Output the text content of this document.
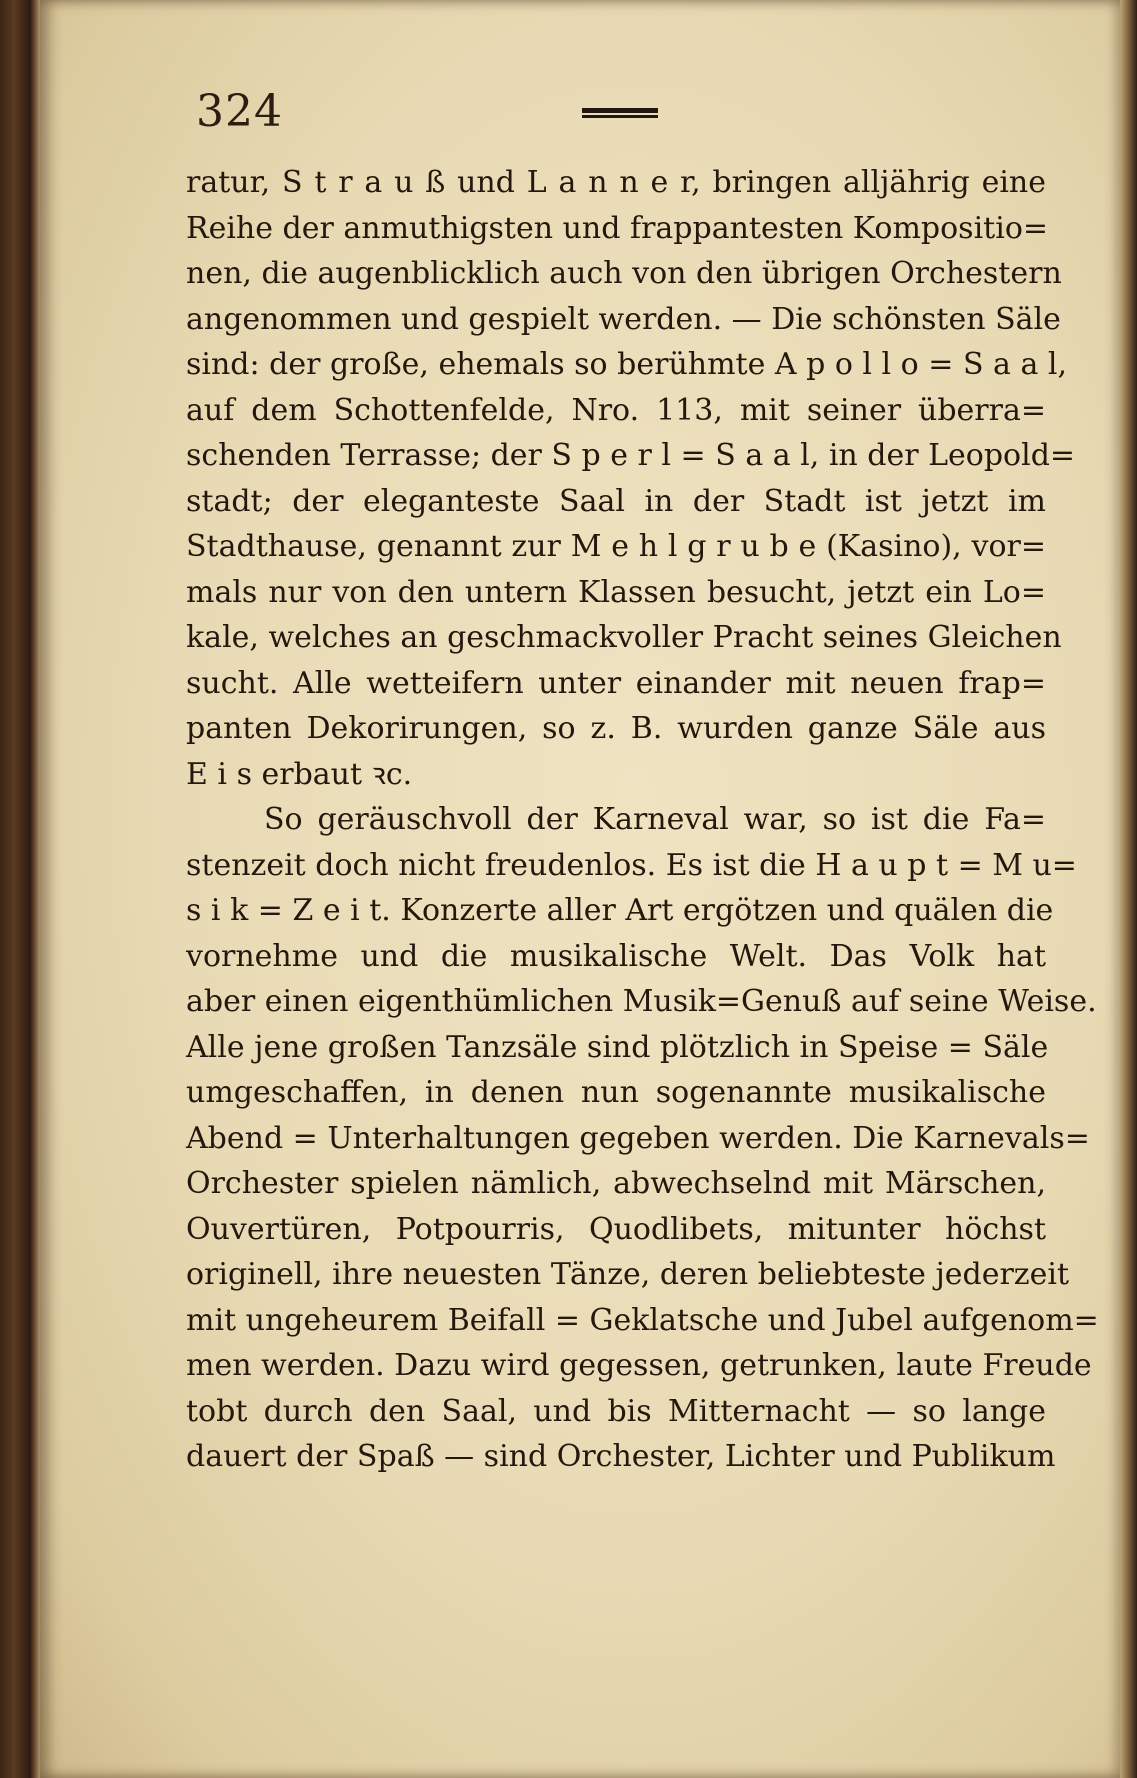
324
ratur, S t r a u ß und L a n n e r, bringen alljährig eine
Reihe der anmuthigsten und frappantesten Kompositio=
nen, die augenblicklich auch von den übrigen Orchestern
angenommen und gespielt werden. — Die schönsten Säle
sind: der große, ehemals so berühmte A p o l l o = S a a l,
auf dem Schottenfelde, Nro. 113, mit seiner überra=
schenden Terrasse; der S p e r l = S a a l, in der Leopold=
stadt; der eleganteste Saal in der Stadt ist jetzt im
Stadthause, genannt zur M e h l g r u b e (Kasino), vor=
mals nur von den untern Klassen besucht, jetzt ein Lo=
kale, welches an geschmackvoller Pracht seines Gleichen
sucht. Alle wetteifern unter einander mit neuen frap=
panten Dekorirungen, so z. B. wurden ganze Säle aus
E i s erbaut ꝛc.
So geräuschvoll der Karneval war, so ist die Fa=
stenzeit doch nicht freudenlos. Es ist die H a u p t = M u=
s i k = Z e i t. Konzerte aller Art ergötzen und quälen die
vornehme und die musikalische Welt. Das Volk hat
aber einen eigenthümlichen Musik=Genuß auf seine Weise.
Alle jene großen Tanzsäle sind plötzlich in Speise = Säle
umgeschaffen, in denen nun sogenannte musikalische
Abend = Unterhaltungen gegeben werden. Die Karnevals=
Orchester spielen nämlich, abwechselnd mit Märschen,
Ouvertüren, Potpourris, Quodlibets, mitunter höchst
originell, ihre neuesten Tänze, deren beliebteste jederzeit
mit ungeheurem Beifall = Geklatsche und Jubel aufgenom=
men werden. Dazu wird gegessen, getrunken, laute Freude
tobt durch den Saal, und bis Mitternacht — so lange
dauert der Spaß — sind Orchester, Lichter und Publikum
